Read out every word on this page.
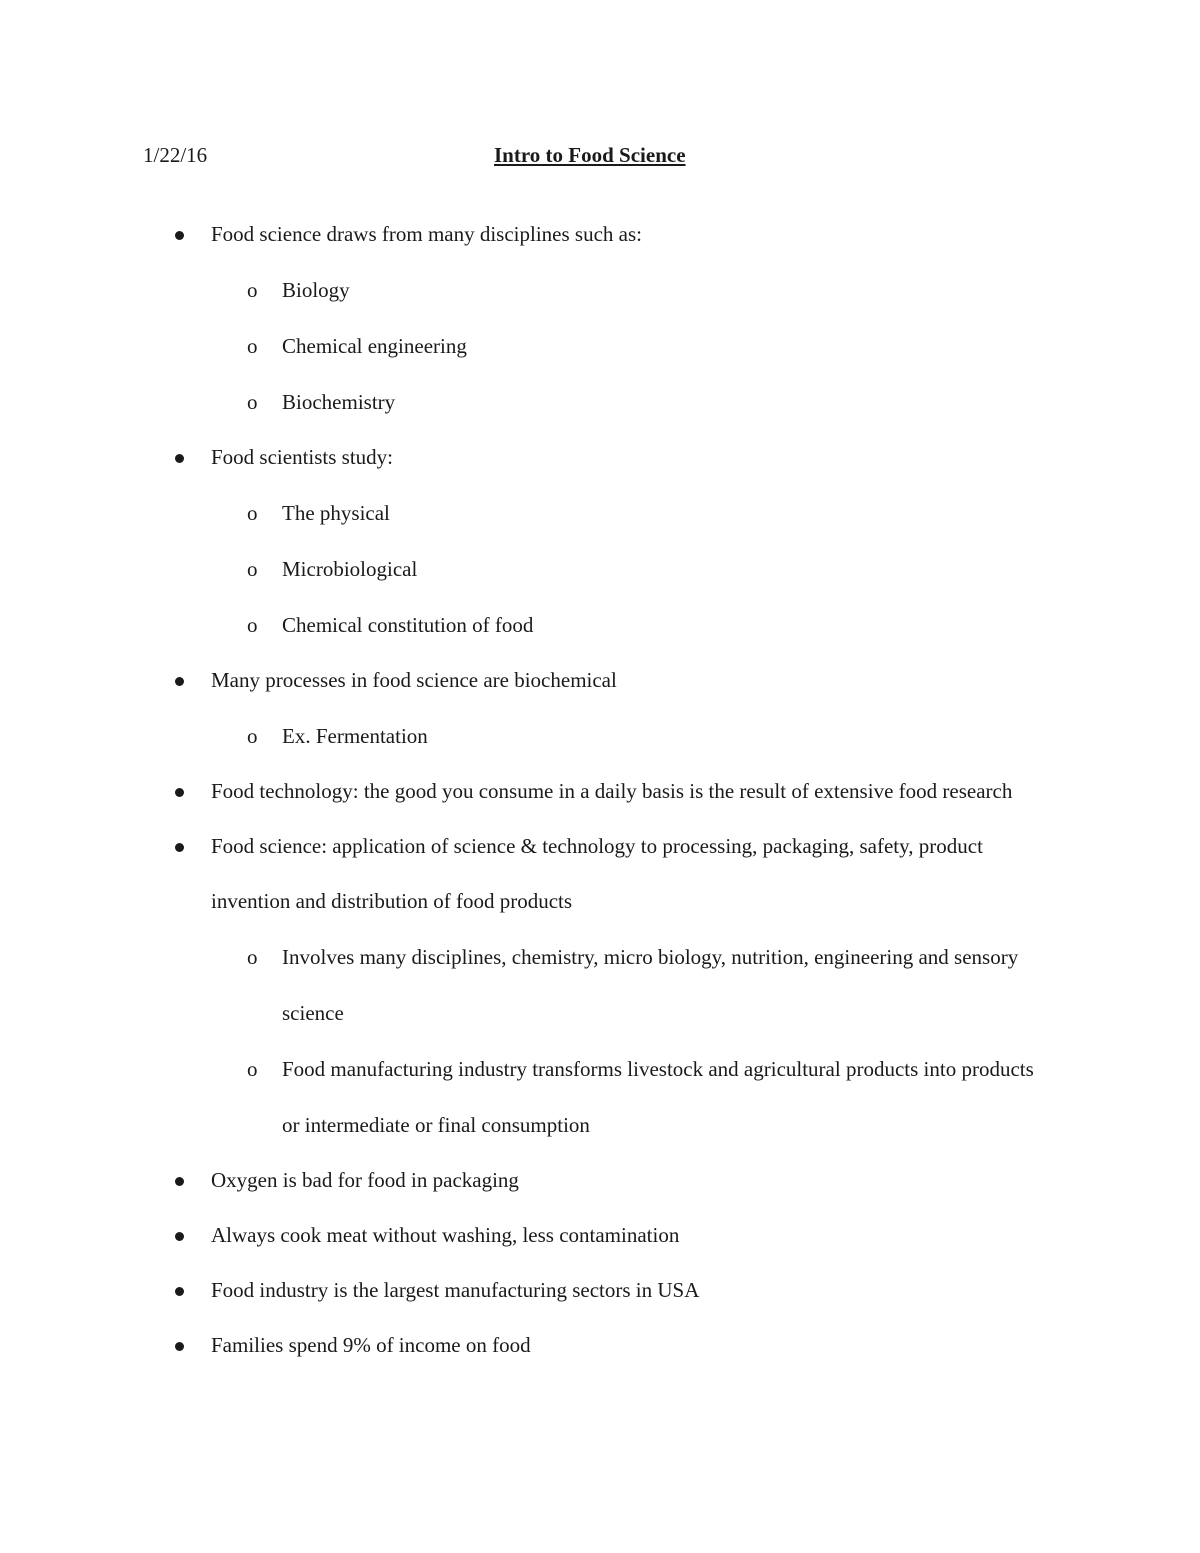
1/22/16	Intro to Food Science
Food science draws from many disciplines such as:
o Biology
o Chemical engineering
o Biochemistry
Food scientists study:
o The physical
o Microbiological
o Chemical constitution of food
Many processes in food science are biochemical
o Ex. Fermentation
Food technology: the good you consume in a daily basis is the result of extensive food research
Food science: application of science & technology to processing, packaging, safety, product invention and distribution of food products
o Involves many disciplines, chemistry, micro biology, nutrition, engineering and sensory science
o Food manufacturing industry transforms livestock and agricultural products into products or intermediate or final consumption
Oxygen is bad for food in packaging
Always cook meat without washing, less contamination
Food industry is the largest manufacturing sectors in USA
Families spend 9% of income on food
